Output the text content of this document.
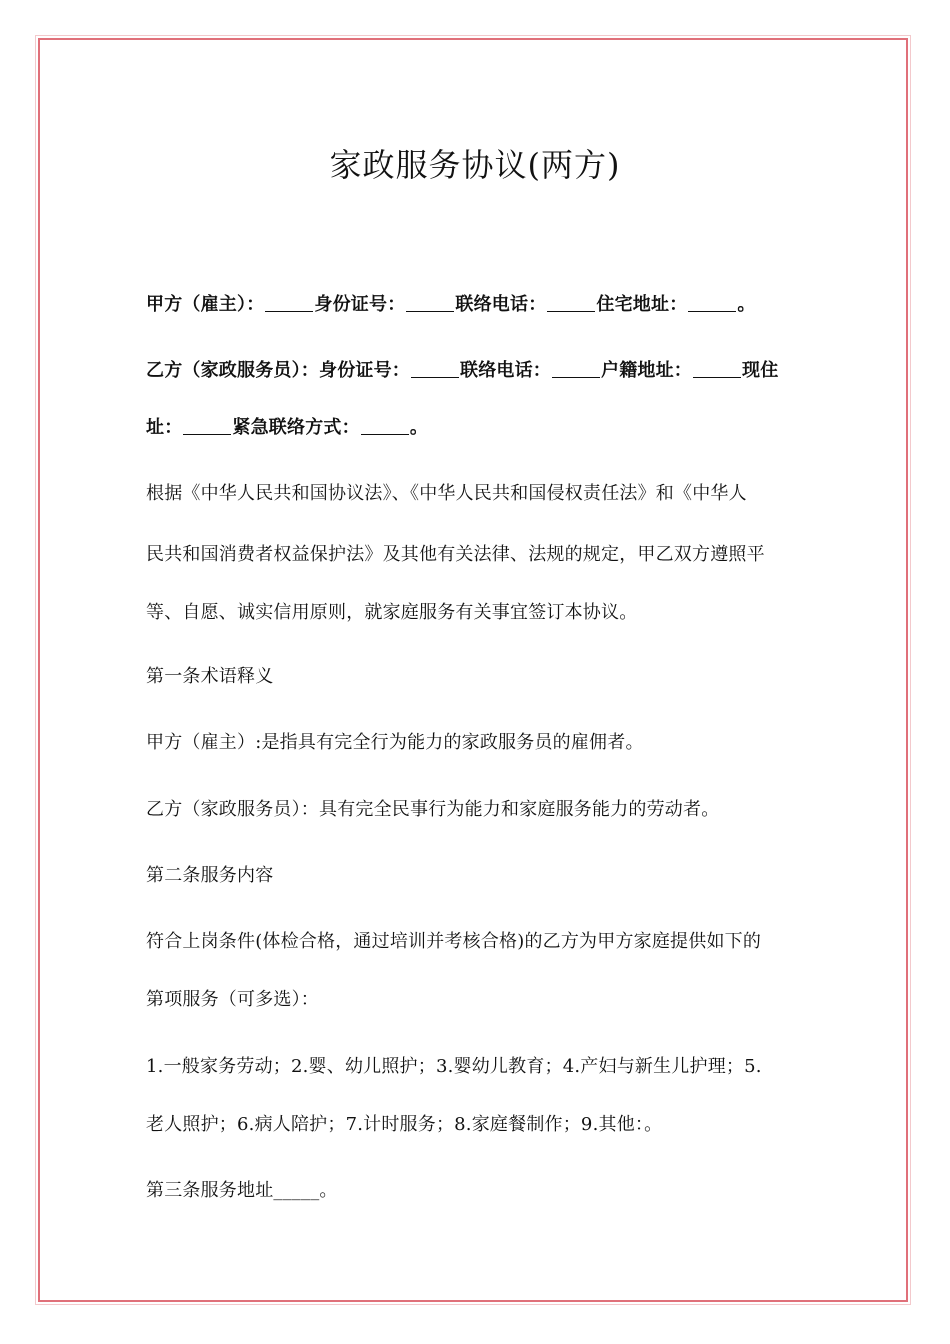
家政服务协议(两方)
甲方（雇主）：	身份证号：	联络电话：	住宅地址：	。
乙方（家政服务员）：身份证号：	联络电话：	户籍地址：	现住
址：	紧急联络方式：	。
根据《中华人民共和国协议法》、《中华人民共和国侵权责任法》和《中华人
民共和国消费者权益保护法》及其他有关法律、法规的规定，甲乙双方遵照平
等、自愿、诚实信用原则，就家庭服务有关事宜签订本协议。
第一条术语释义
甲方（雇主）:是指具有完全行为能力的家政服务员的雇佣者。
乙方（家政服务员）：具有完全民事行为能力和家庭服务能力的劳动者。
第二条服务内容
符合上岗条件(体检合格，通过培训并考核合格)的乙方为甲方家庭提供如下的
第项服务（可多选）：
1.一般家务劳动；2.婴、幼儿照护；3.婴幼儿教育；4.产妇与新生儿护理；5.
老人照护；6.病人陪护；7.计时服务；8.家庭餐制作；9.其他：。
第三条服务地址_____。
